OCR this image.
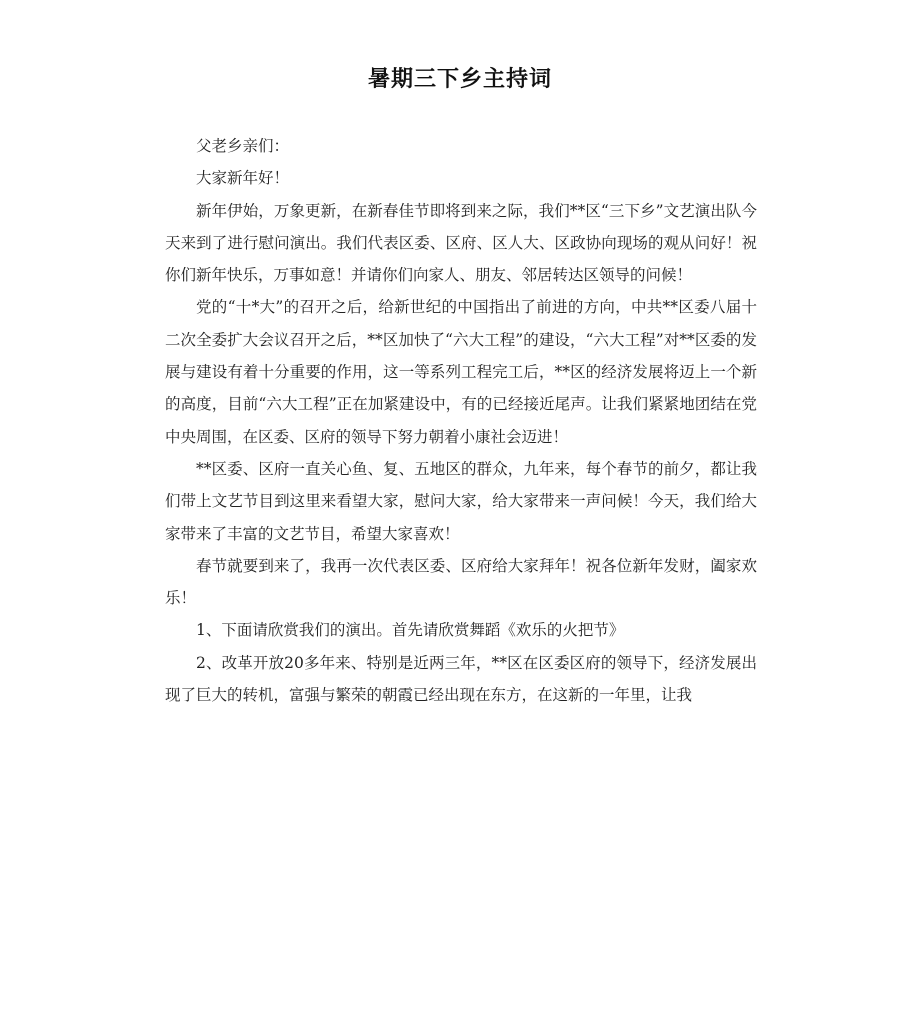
暑期三下乡主持词

父老乡亲们：

大家新年好！

新年伊始，万象更新，在新春佳节即将到来之际，我们**区“三下乡”文艺演出队今天来到了进行慰问演出。我们代表区委、区府、区人大、区政协向现场的观从问好！祝你们新年快乐，万事如意！并请你们向家人、朋友、邻居转达区领导的问候！

党的“十*大”的召开之后，给新世纪的中国指出了前进的方向，中共**区委八届十二次全委扩大会议召开之后，**区加快了“六大工程”的建设，“六大工程”对**区委的发展与建设有着十分重要的作用，这一等系列工程完工后，**区的经济发展将迈上一个新的高度，目前“六大工程”正在加紧建设中，有的已经接近尾声。让我们紧紧地团结在党中央周围，在区委、区府的领导下努力朝着小康社会迈进！

**区委、区府一直关心鱼、复、五地区的群众，九年来，每个春节的前夕，都让我们带上文艺节目到这里来看望大家，慰问大家，给大家带来一声问候！今天，我们给大家带来了丰富的文艺节目，希望大家喜欢！

春节就要到来了，我再一次代表区委、区府给大家拜年！祝各位新年发财，阖家欢乐！

1、下面请欣赏我们的演出。首先请欣赏舞蹈《欢乐的火把节》

2、改革开放20多年来、特别是近两三年，**区在区委区府的领导下，经济发展出现了巨大的转机，富强与繁荣的朝霞已经出现在东方，在这新的一年里，让我
